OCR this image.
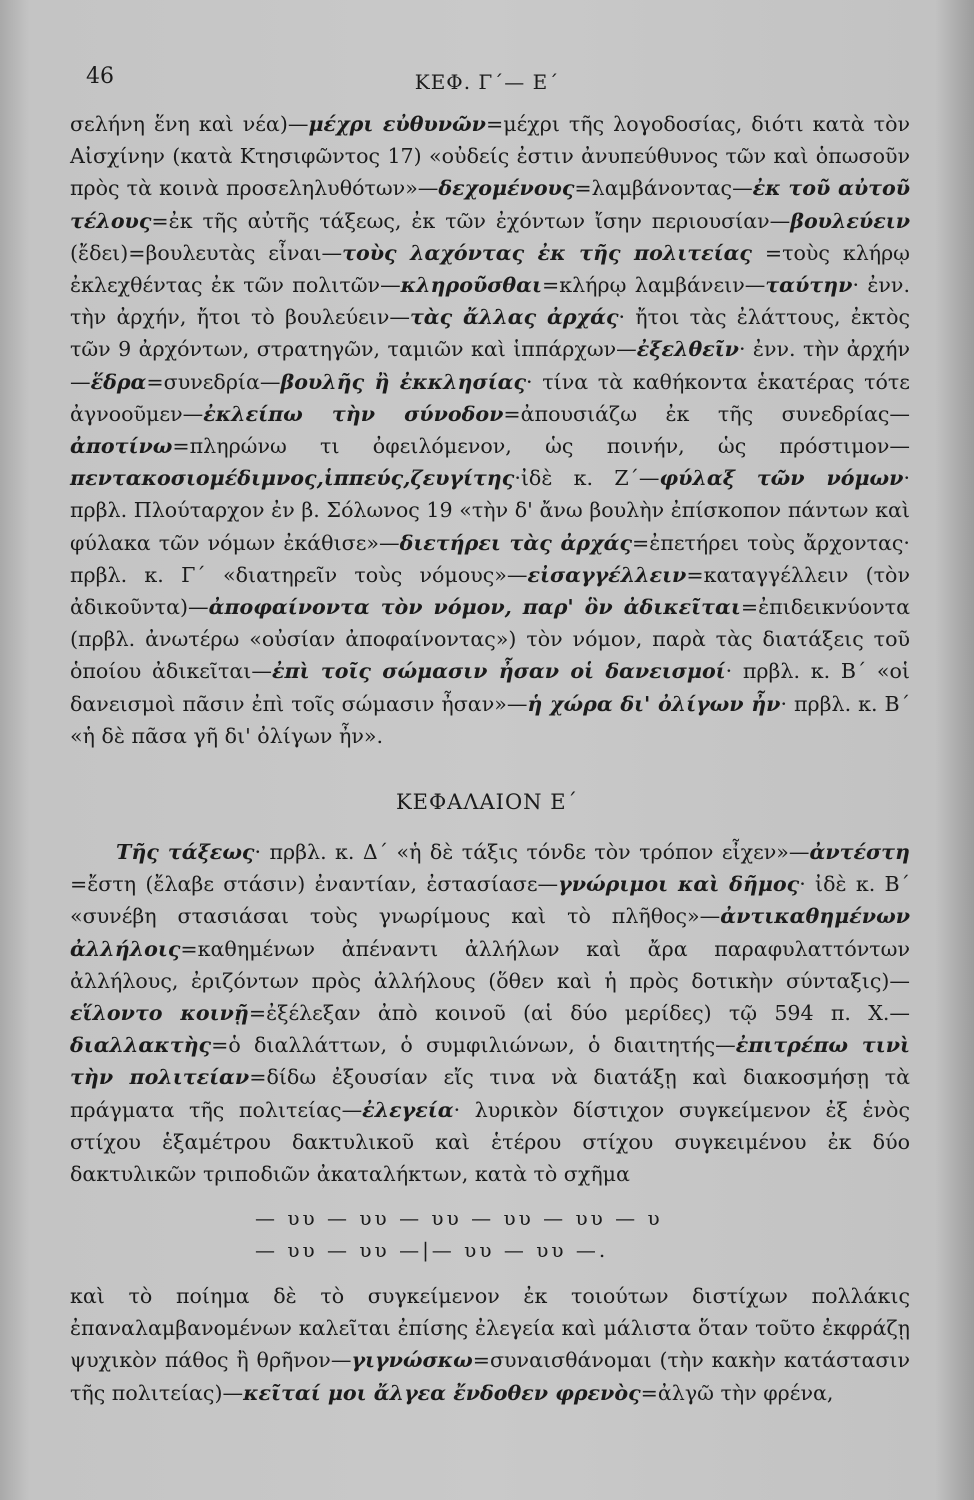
46	ΚΕΦ. Γ΄— Ε΄

σελήνη ἕνη καὶ νέα)—μέχρι εὐθυνῶν=μέχρι τῆς λογοδοσίας, διότι κατὰ τὸν Αἰσχίνην (κατὰ Κτησιφῶντος 17) «οὐδείς ἐστιν ἀνυπεύθυνος τῶν καὶ ὁπωσοῦν πρὸς τὰ κοινὰ προσεληλυθότων»—δεχομένους=λαμβάνοντας—ἐκ τοῦ αὐτοῦ τέλους=ἐκ τῆς αὐτῆς τάξεως, ἐκ τῶν ἐχόντων ἴσην περιουσίαν—βουλεύειν (ἔδει)=βουλευτὰς εἶναι—τοὺς λαχόντας ἐκ τῆς πολιτείας =τοὺς κλήρῳ ἐκλεχθέντας ἐκ τῶν πολιτῶν—κληροῦσθαι=κλήρῳ λαμβάνειν—ταύτην· ἐνν. τὴν ἀρχήν, ἤτοι τὸ βουλεύειν—τὰς ἄλλας ἀρχάς· ἤτοι τὰς ἐλάττους, ἐκτὸς τῶν 9 ἀρχόντων, στρατηγῶν, ταμιῶν καὶ ἱππάρχων—ἐξελθεῖν· ἐνν. τὴν ἀρχήν—ἕδρα=συνεδρία—βουλῆς ἢ ἐκκλησίας· τίνα τὰ καθήκοντα ἑκατέρας τότε ἀγνοοῦμεν—ἐκλείπω τὴν σύνοδον=ἀπουσιάζω ἐκ τῆς συνεδρίας—ἀποτίνω=πληρώνω τι ὀφειλόμενον, ὡς ποινήν, ὡς πρόστιμον—πεντακοσιομέδιμνος,ἱππεύς,ζευγίτης·ἰδὲ κ. Ζ΄—φύλαξ τῶν νόμων· πρβλ. Πλούταρχον ἐν β. Σόλωνος 19 «τὴν δ' ἄνω βουλὴν ἐπίσκοπον πάντων καὶ φύλακα τῶν νόμων ἐκάθισε»—διετήρει τὰς ἀρχάς=ἐπετήρει τοὺς ἄρχοντας· πρβλ. κ. Γ΄ «διατηρεῖν τοὺς νόμους»—εἰσαγγέλλειν=καταγγέλλειν (τὸν ἀδικοῦντα)—ἀποφαίνοντα τὸν νόμον, παρ' ὃν ἀδικεῖται=ἐπιδεικνύοντα (πρβλ. ἀνωτέρω «οὐσίαν ἀποφαίνοντας») τὸν νόμον, παρὰ τὰς διατάξεις τοῦ ὁποίου ἀδικεῖται—ἐπὶ τοῖς σώμασιν ἦσαν οἱ δανεισμοί· πρβλ. κ. Β΄ «οἱ δανεισμοὶ πᾶσιν ἐπὶ τοῖς σώμασιν ἦσαν»—ἡ χώρα δι' ὀλίγων ἦν· πρβλ. κ. Β΄ «ἡ δὲ πᾶσα γῆ δι' ὀλίγων ἦν».

ΚΕΦΑΛΑΙΟΝ Ε΄

Τῆς τάξεως· πρβλ. κ. Δ΄ «ἡ δὲ τάξις τόνδε τὸν τρόπον εἶχεν»—ἀντέστη =ἔστη (ἔλαβε στάσιν) ἐναντίαν, ἐστασίασε—γνώριμοι καὶ δῆμος· ἰδὲ κ. Β΄ «συνέβη στασιάσαι τοὺς γνωρίμους καὶ τὸ πλῆθος»—ἀντικαθημένων ἀλλήλοις=καθημένων ἀπέναντι ἀλλήλων καὶ ἄρα παραφυλαττόντων ἀλλήλους, ἐριζόντων πρὸς ἀλλήλους (ὅθεν καὶ ἡ πρὸς δοτικὴν σύνταξις)—εἵλοντο κοινῇ=ἐξέλεξαν ἀπὸ κοινοῦ (αἱ δύο μερίδες) τῷ 594 π. Χ.—διαλλακτὴς=ὁ διαλλάττων, ὁ συμφιλιώνων, ὁ διαιτητής—ἐπιτρέπω τινὶ τὴν πολιτείαν=δίδω ἐξουσίαν εἴς τινα νὰ διατάξῃ καὶ διακοσμήσῃ τὰ πράγματα τῆς πολιτείας—ἐλεγεία· λυρικὸν δίστιχον συγκείμενον ἐξ ἑνὸς στίχου ἑξαμέτρου δακτυλικοῦ καὶ ἑτέρου στίχου συγκειμένου ἐκ δύο δακτυλικῶν τριποδιῶν ἀκαταλήκτων, κατὰ τὸ σχῆμα

— υυ — υυ — υυ — υυ — υυ — υ
— υυ — υυ —|— υυ — υυ —.

καὶ τὸ ποίημα δὲ τὸ συγκείμενον ἐκ τοιούτων διστίχων πολλάκις ἐπαναλαμβανομένων καλεῖται ἐπίσης ἐλεγεία καὶ μάλιστα ὅταν τοῦτο ἐκφράζῃ ψυχικὸν πάθος ἢ θρῆνον—γιγνώσκω=συναισθάνομαι (τὴν κακὴν κατάστασιν τῆς πολιτείας)—κεῖταί μοι ἄλγεα ἔνδοθεν φρενὸς=ἀλγῶ τὴν φρένα,
